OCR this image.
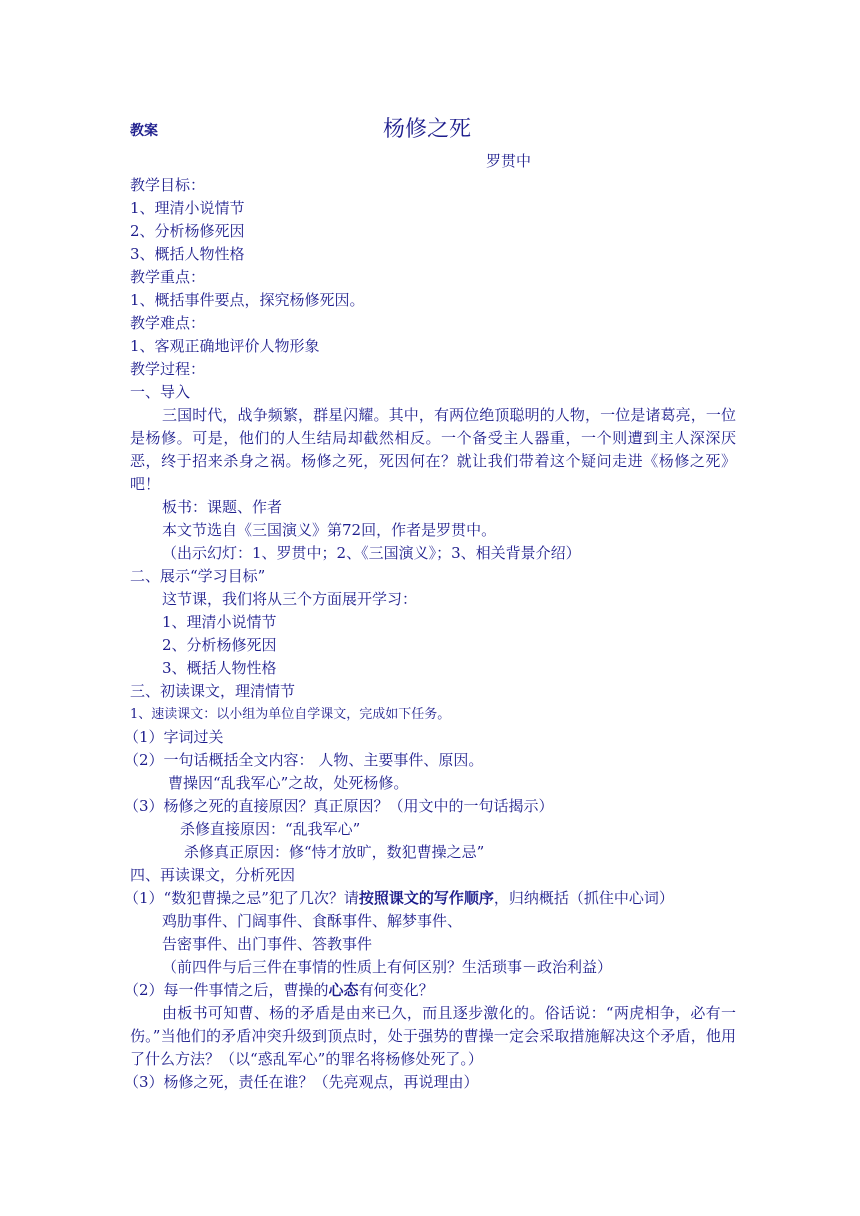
教案	杨修之死
罗贯中
教学目标：
1、理清小说情节
2、分析杨修死因
3、概括人物性格
教学重点：
1、概括事件要点，探究杨修死因。
教学难点：
1、客观正确地评价人物形象
教学过程：
一、导入
三国时代，战争频繁，群星闪耀。其中，有两位绝顶聪明的人物，一位是诸葛亮，一位是杨修。可是，他们的人生结局却截然相反。一个备受主人器重，一个则遭到主人深深厌恶，终于招来杀身之祸。杨修之死，死因何在？就让我们带着这个疑问走进《杨修之死》吧！
板书：课题、作者
本文节选自《三国演义》第72回，作者是罗贯中。
（出示幻灯：1、罗贯中；2、《三国演义》；3、相关背景介绍）
二、展示“学习目标”
这节课，我们将从三个方面展开学习：
1、理清小说情节
2、分析杨修死因
3、概括人物性格
三、初读课文，理清情节
1、速读课文：以小组为单位自学课文，完成如下任务。
（1）字词过关
（2）一句话概括全文内容： 人物、主要事件、原因。
曹操因“乱我军心”之故，处死杨修。
（3）杨修之死的直接原因？真正原因？（用文中的一句话揭示）
杀修直接原因：“乱我军心”
杀修真正原因：修“恃才放旷，数犯曹操之忌”
四、再读课文，分析死因
（1）“数犯曹操之忌”犯了几次？请按照课文的写作顺序，归纳概括（抓住中心词）
鸡肋事件、门阔事件、食酥事件、解梦事件、
告密事件、出门事件、答教事件
（前四件与后三件在事情的性质上有何区别？生活琐事－政治利益）
（2）每一件事情之后，曹操的心态有何变化？
由板书可知曹、杨的矛盾是由来已久，而且逐步激化的。俗话说：“两虎相争，必有一伤。”当他们的矛盾冲突升级到顶点时，处于强势的曹操一定会采取措施解决这个矛盾，他用了什么方法？（以“惑乱军心”的罪名将杨修处死了。）
（3）杨修之死，责任在谁？（先亮观点，再说理由）
